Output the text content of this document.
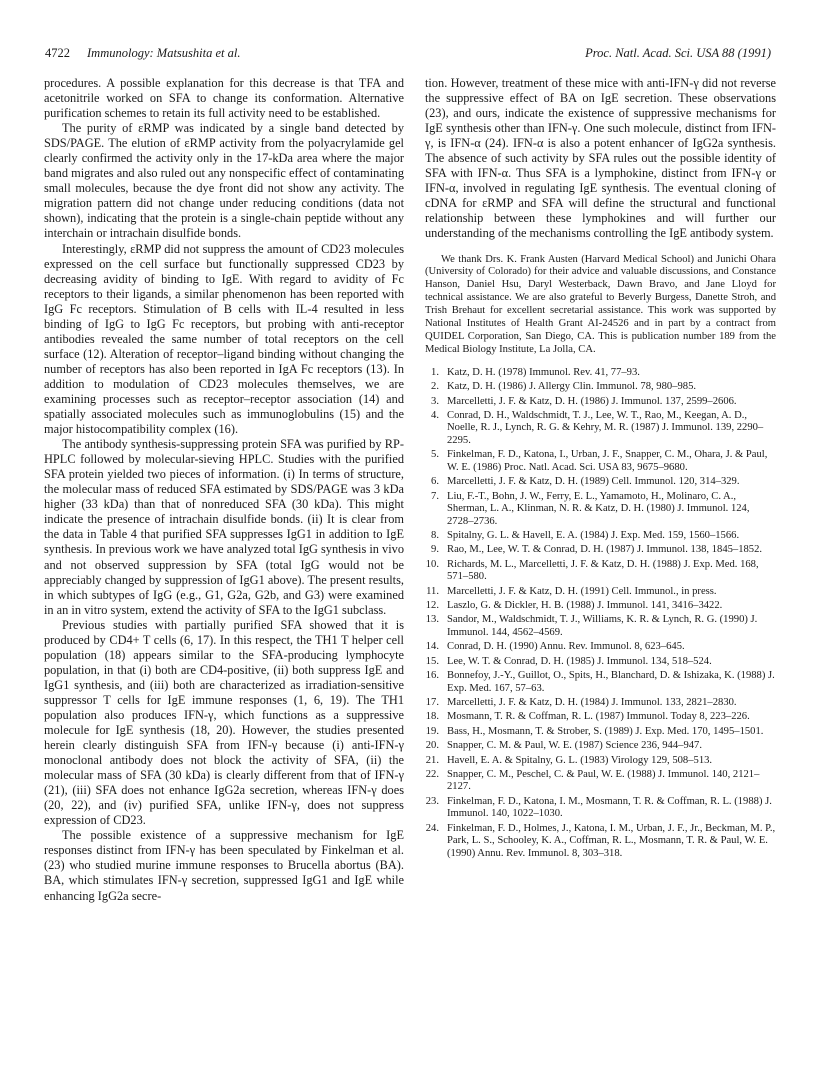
4722 Immunology: Matsushita et al.	Proc. Natl. Acad. Sci. USA 88 (1991)

procedures. A possible explanation for this decrease is that TFA and acetonitrile worked on SFA to change its conformation. Alternative purification schemes to retain its full activity need to be established.

The purity of εRMP was indicated by a single band detected by SDS/PAGE. The elution of εRMP activity from the polyacrylamide gel clearly confirmed the activity only in the 17-kDa area where the major band migrates and also ruled out any nonspecific effect of contaminating small molecules, because the dye front did not show any activity. The migration pattern did not change under reducing conditions (data not shown), indicating that the protein is a single-chain peptide without any interchain or intrachain disulfide bonds.

Interestingly, εRMP did not suppress the amount of CD23 molecules expressed on the cell surface but functionally suppressed CD23 by decreasing avidity of binding to IgE. With regard to avidity of Fc receptors to their ligands, a similar phenomenon has been reported with IgG Fc receptors. Stimulation of B cells with IL-4 resulted in less binding of IgG to IgG Fc receptors, but probing with anti-receptor antibodies revealed the same number of total receptors on the cell surface (12). Alteration of receptor–ligand binding without changing the number of receptors has also been reported in IgA Fc receptors (13). In addition to modulation of CD23 molecules themselves, we are examining processes such as receptor–receptor association (14) and spatially associated molecules such as immunoglobulins (15) and the major histocompatibility complex (16).

The antibody synthesis-suppressing protein SFA was purified by RP-HPLC followed by molecular-sieving HPLC. Studies with the purified SFA protein yielded two pieces of information. (i) In terms of structure, the molecular mass of reduced SFA estimated by SDS/PAGE was 3 kDa higher (33 kDa) than that of nonreduced SFA (30 kDa). This might indicate the presence of intrachain disulfide bonds. (ii) It is clear from the data in Table 4 that purified SFA suppresses IgG1 in addition to IgE synthesis. In previous work we have analyzed total IgG synthesis in vivo and not observed suppression by SFA (total IgG would not be appreciably changed by suppression of IgG1 above). The present results, in which subtypes of IgG (e.g., G1, G2a, G2b, and G3) were examined in an in vitro system, extend the activity of SFA to the IgG1 subclass.

Previous studies with partially purified SFA showed that it is produced by CD4+ T cells (6, 17). In this respect, the TH1 T helper cell population (18) appears similar to the SFA-producing lymphocyte population, in that (i) both are CD4-positive, (ii) both suppress IgE and IgG1 synthesis, and (iii) both are characterized as irradiation-sensitive suppressor T cells for IgE immune responses (1, 6, 19). The TH1 population also produces IFN-γ, which functions as a suppressive molecule for IgE synthesis (18, 20). However, the studies presented herein clearly distinguish SFA from IFN-γ because (i) anti-IFN-γ monoclonal antibody does not block the activity of SFA, (ii) the molecular mass of SFA (30 kDa) is clearly different from that of IFN-γ (21), (iii) SFA does not enhance IgG2a secretion, whereas IFN-γ does (20, 22), and (iv) purified SFA, unlike IFN-γ, does not suppress expression of CD23.

The possible existence of a suppressive mechanism for IgE responses distinct from IFN-γ has been speculated by Finkelman et al. (23) who studied murine immune responses to Brucella abortus (BA). BA, which stimulates IFN-γ secretion, suppressed IgG1 and IgE while enhancing IgG2a secre-

tion. However, treatment of these mice with anti-IFN-γ did not reverse the suppressive effect of BA on IgE secretion. These observations (23), and ours, indicate the existence of suppressive mechanisms for IgE synthesis other than IFN-γ. One such molecule, distinct from IFN-γ, is IFN-α (24). IFN-α is also a potent enhancer of IgG2a synthesis. The absence of such activity by SFA rules out the possible identity of SFA with IFN-α. Thus SFA is a lymphokine, distinct from IFN-γ or IFN-α, involved in regulating IgE synthesis. The eventual cloning of cDNA for εRMP and SFA will define the structural and functional relationship between these lymphokines and will further our understanding of the mechanisms controlling the IgE antibody system.

We thank Drs. K. Frank Austen (Harvard Medical School) and Junichi Ohara (University of Colorado) for their advice and valuable discussions, and Constance Hanson, Daniel Hsu, Daryl Westerback, Dawn Bravo, and Jane Lloyd for technical assistance. We are also grateful to Beverly Burgess, Danette Stroh, and Trish Brehaut for excellent secretarial assistance. This work was supported by National Institutes of Health Grant AI-24526 and in part by a contract from QUIDEL Corporation, San Diego, CA. This is publication number 189 from the Medical Biology Institute, La Jolla, CA.
1. Katz, D. H. (1978) Immunol. Rev. 41, 77–93.
2. Katz, D. H. (1986) J. Allergy Clin. Immunol. 78, 980–985.
3. Marcelletti, J. F. & Katz, D. H. (1986) J. Immunol. 137, 2599–2606.
4. Conrad, D. H., Waldschmidt, T. J., Lee, W. T., Rao, M., Keegan, A. D., Noelle, R. J., Lynch, R. G. & Kehry, M. R. (1987) J. Immunol. 139, 2290–2295.
5. Finkelman, F. D., Katona, I., Urban, J. F., Snapper, C. M., Ohara, J. & Paul, W. E. (1986) Proc. Natl. Acad. Sci. USA 83, 9675–9680.
6. Marcelletti, J. F. & Katz, D. H. (1989) Cell. Immunol. 120, 314–329.
7. Liu, F.-T., Bohn, J. W., Ferry, E. L., Yamamoto, H., Molinaro, C. A., Sherman, L. A., Klinman, N. R. & Katz, D. H. (1980) J. Immunol. 124, 2728–2736.
8. Spitalny, G. L. & Havell, E. A. (1984) J. Exp. Med. 159, 1560–1566.
9. Rao, M., Lee, W. T. & Conrad, D. H. (1987) J. Immunol. 138, 1845–1852.
10. Richards, M. L., Marcelletti, J. F. & Katz, D. H. (1988) J. Exp. Med. 168, 571–580.
11. Marcelletti, J. F. & Katz, D. H. (1991) Cell. Immunol., in press.
12. Laszlo, G. & Dickler, H. B. (1988) J. Immunol. 141, 3416–3422.
13. Sandor, M., Waldschmidt, T. J., Williams, K. R. & Lynch, R. G. (1990) J. Immunol. 144, 4562–4569.
14. Conrad, D. H. (1990) Annu. Rev. Immunol. 8, 623–645.
15. Lee, W. T. & Conrad, D. H. (1985) J. Immunol. 134, 518–524.
16. Bonnefoy, J.-Y., Guillot, O., Spits, H., Blanchard, D. & Ishizaka, K. (1988) J. Exp. Med. 167, 57–63.
17. Marcelletti, J. F. & Katz, D. H. (1984) J. Immunol. 133, 2821–2830.
18. Mosmann, T. R. & Coffman, R. L. (1987) Immunol. Today 8, 223–226.
19. Bass, H., Mosmann, T. & Strober, S. (1989) J. Exp. Med. 170, 1495–1501.
20. Snapper, C. M. & Paul, W. E. (1987) Science 236, 944–947.
21. Havell, E. A. & Spitalny, G. L. (1983) Virology 129, 508–513.
22. Snapper, C. M., Peschel, C. & Paul, W. E. (1988) J. Immunol. 140, 2121–2127.
23. Finkelman, F. D., Katona, I. M., Mosmann, T. R. & Coffman, R. L. (1988) J. Immunol. 140, 1022–1030.
24. Finkelman, F. D., Holmes, J., Katona, I. M., Urban, J. F., Jr., Beckman, M. P., Park, L. S., Schooley, K. A., Coffman, R. L., Mosmann, T. R. & Paul, W. E. (1990) Annu. Rev. Immunol. 8, 303–318.
